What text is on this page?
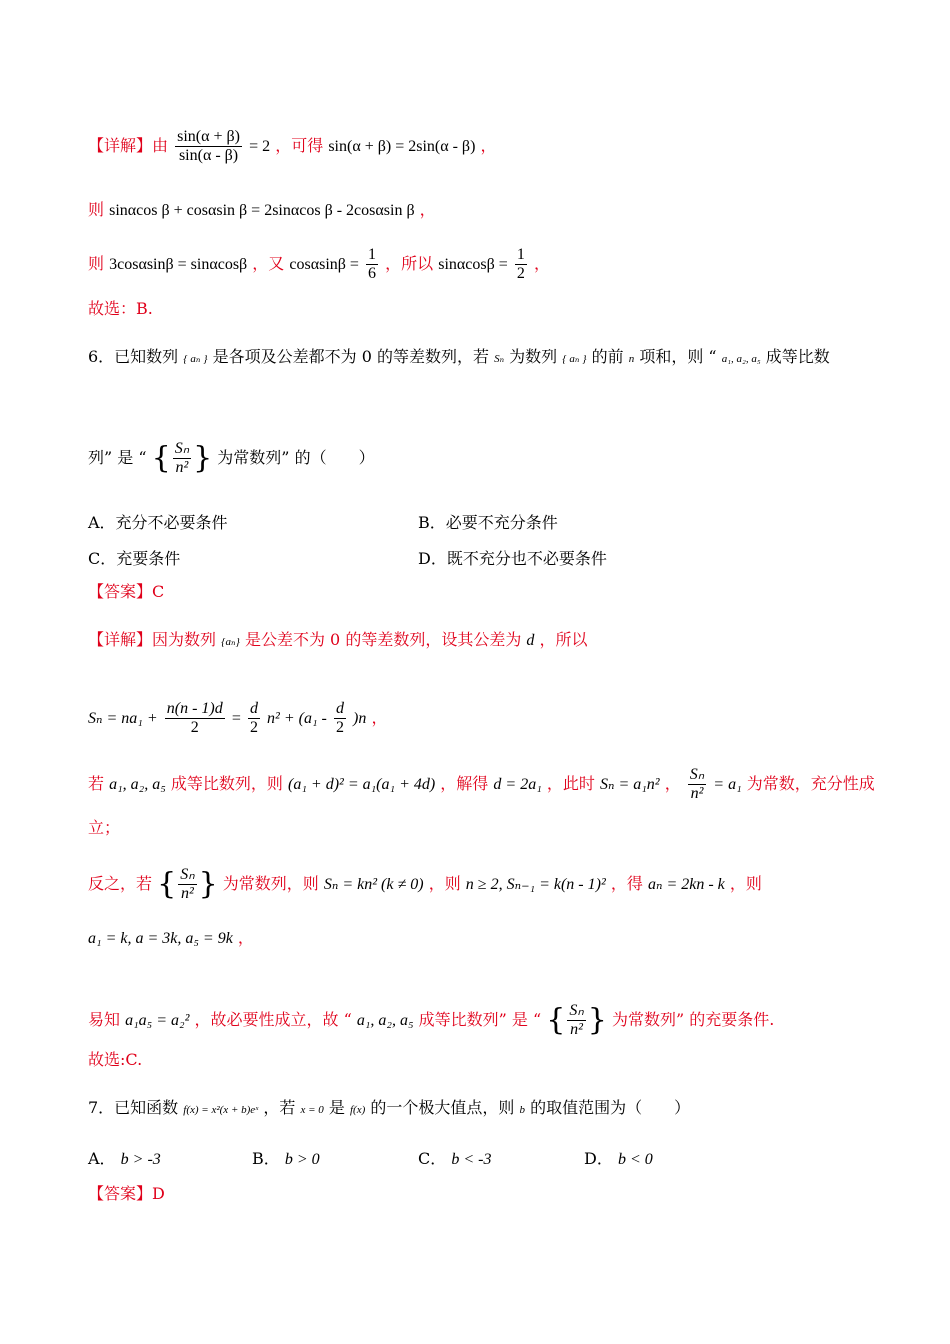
【详解】由 $\frac{\sin(\alpha + \beta)}{\sin(\alpha - \beta)} = 2$ ，可得 sin(α + β) = 2sin(α - β) ，
则 sinαcos β + cosαsin β = 2sinαcos β - 2cosαsin β ，
则 3cosαsinβ = sinαcosβ ，又 $\cos\alpha\sin\beta = \frac{1}{6}$ ，所以 $\sin\alpha\cos\beta = \frac{1}{2}$ ，
故选：B.
6．已知数列 { aₙ } 是各项及公差都不为 0 的等差数列，若 Sₙ 为数列 { aₙ } 的前 n 项和，则 “ a₁, a₂, a₅ 成等比数
列” 是 “ { $\frac{\text{Sₙ}}{\text{n²}}$ } 为常数列” 的（　　）
A．充分不必要条件	B．必要不充分条件
C．充要条件	D．既不充分也不必要条件
【答案】C
【详解】因为数列 {aₙ} 是公差不为 0 的等差数列，设其公差为 d ，所以
$S_n = na_1 + \frac{n(n - 1)d}{2} = \frac{d}{2} n^2 + (a_1 - \frac{d}{2} )n$ ，
若 a₁, a₂, a₅ 成等比数列，则 (a₁ + d)² = a₁(a₁ + 4d) ，解得 d = 2a₁ ，此时 Sₙ = a₁n² ， $\frac{\text{Sₙ}}{\text{n²}} = a_1$ 为常数，充分性成
立；
反之，若 { $\frac{\text{Sₙ}}{\text{n²}}$ } 为常数列，则 Sₙ = kn² (k ≠ 0) ，则 n ≥ 2, Sₙ₋₁ = k(n - 1)² ，得 aₙ = 2kn - k ，则
a₁ = k, a = 3k, a₅ = 9k ，
易知 a₁a₅ = a₂² ，故必要性成立，故 “ a₁, a₂, a₅ 成等比数列” 是 “ { $\frac{\text{Sₙ}}{\text{n²}}$ } 为常数列” 的充要条件.
故选:C.
7．已知函数 f(x) = x²(x + b)eˣ ，若 x = 0 是 f(x) 的一个极大值点，则 b 的取值范围为（　　）
A． b > -3	B． b > 0	C． b < -3	D． b < 0
【答案】D
